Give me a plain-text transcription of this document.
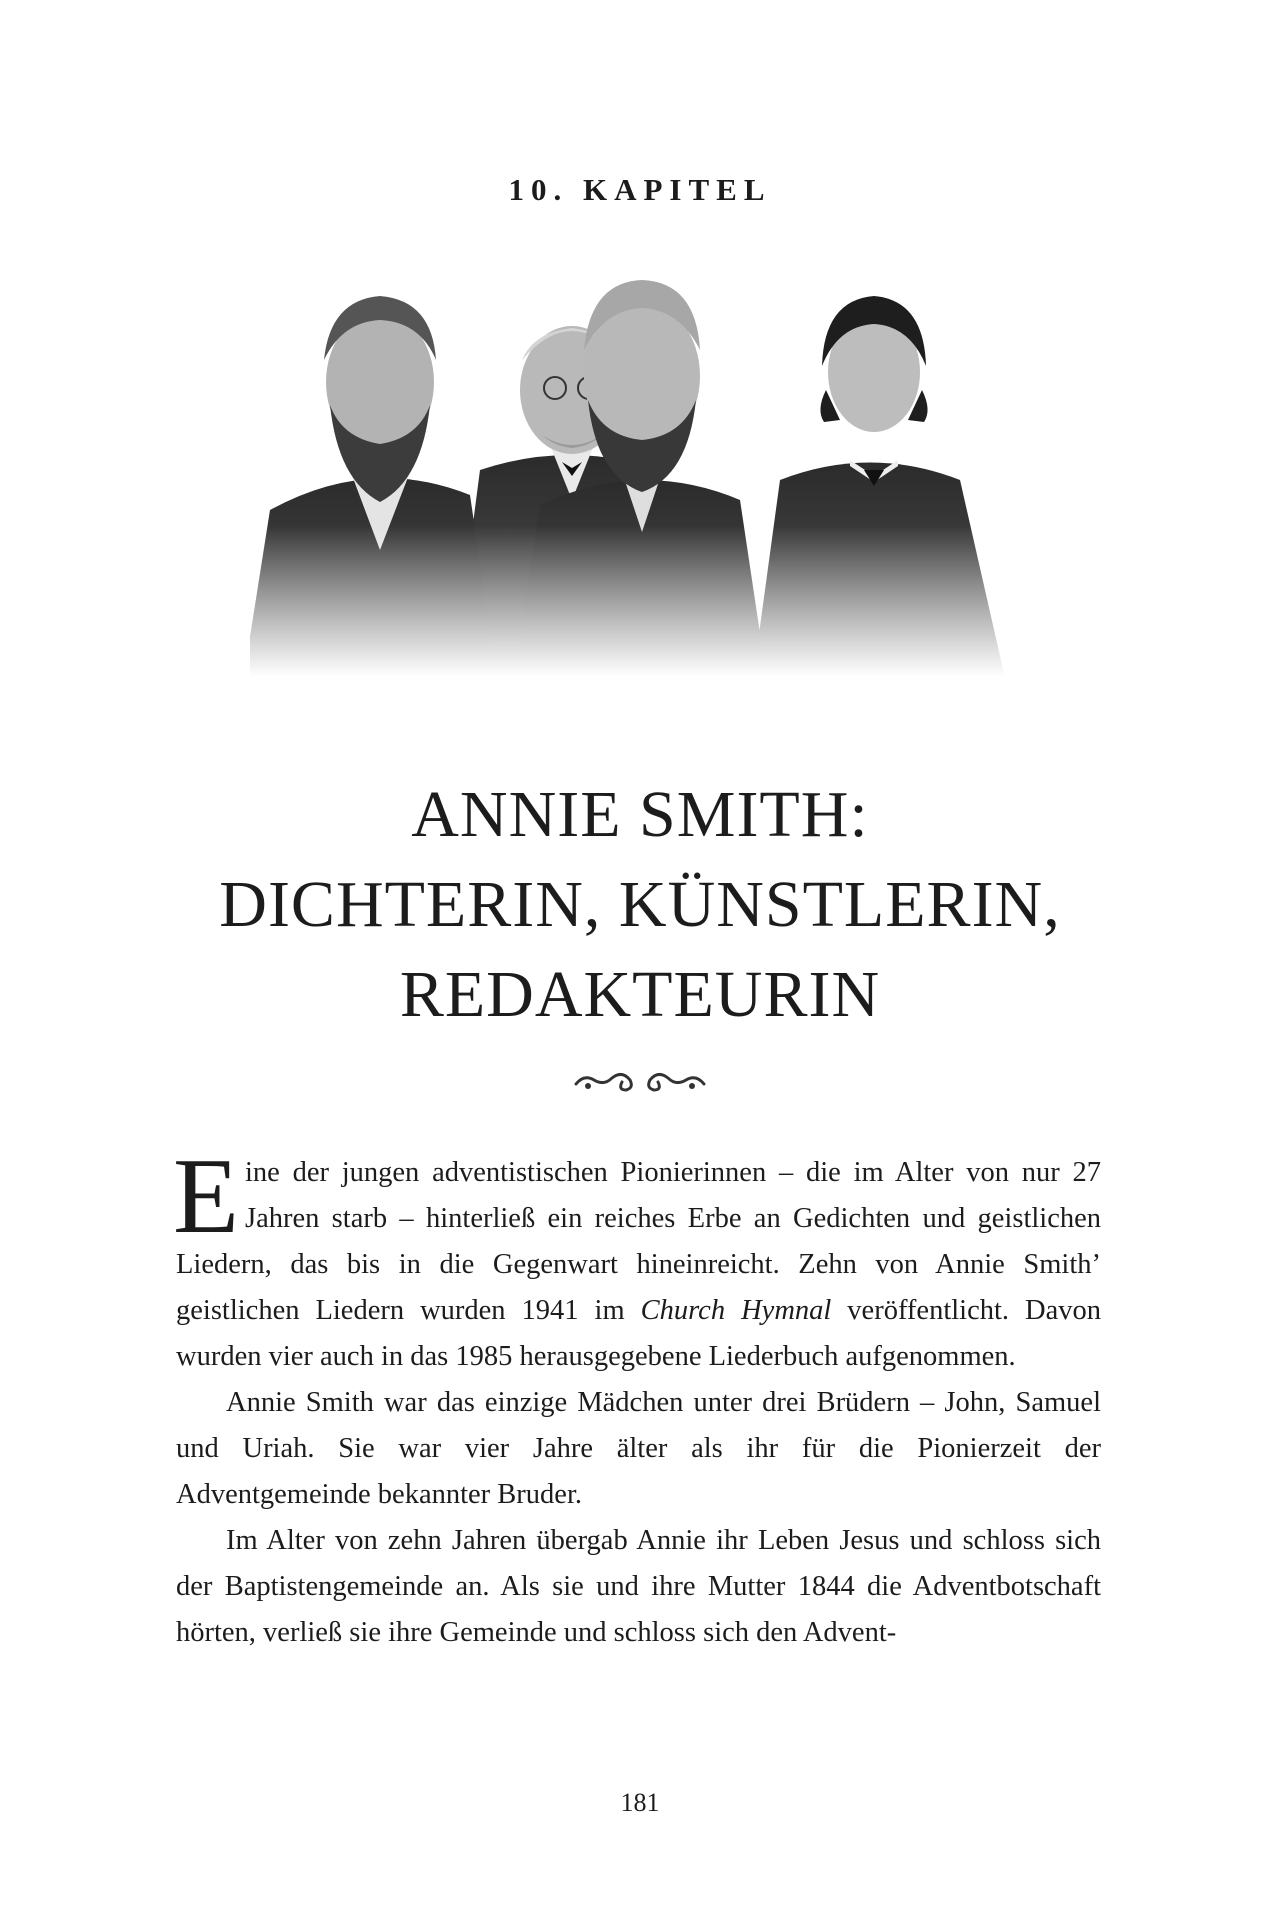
10. KAPITEL
ANNIE SMITH:
DICHTERIN, KÜNSTLERIN,
REDAKTEURIN

Eine der jungen adventistischen Pionierinnen – die im Alter von nur 27 Jahren starb – hinterließ ein reiches Erbe an Gedichten und geistlichen Liedern, das bis in die Gegenwart hineinreicht. Zehn von Annie Smith’ geistlichen Liedern wurden 1941 im Church Hymnal veröffentlicht. Davon wurden vier auch in das 1985 herausgegebene Liederbuch aufgenommen.

Annie Smith war das einzige Mädchen unter drei Brüdern – John, Samuel und Uriah. Sie war vier Jahre älter als ihr für die Pionierzeit der Adventgemeinde bekannter Bruder.

Im Alter von zehn Jahren übergab Annie ihr Leben Jesus und schloss sich der Baptistengemeinde an. Als sie und ihre Mutter 1844 die Adventbotschaft hörten, verließ sie ihre Gemeinde und schloss sich den Advent-

181
